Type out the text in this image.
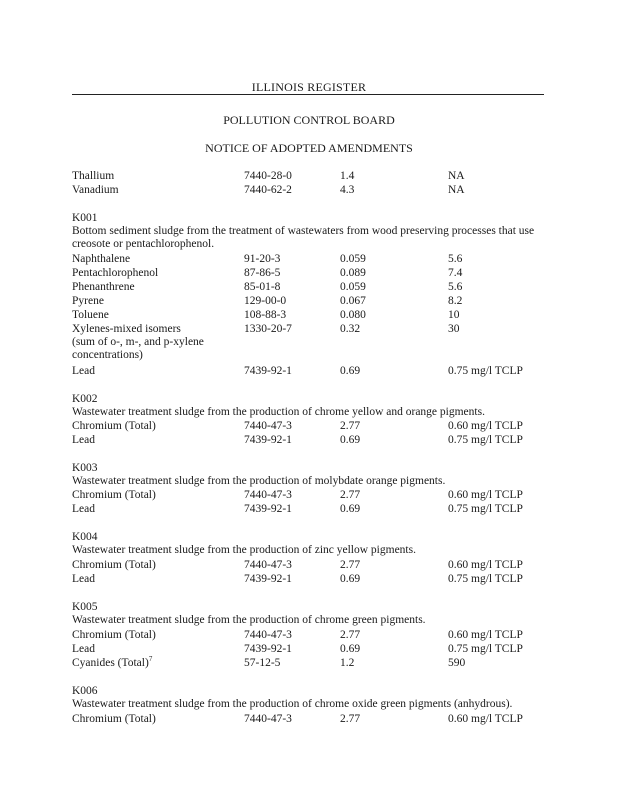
ILLINOIS REGISTER
POLLUTION CONTROL BOARD
NOTICE OF ADOPTED AMENDMENTS
Thallium	7440-28-0	1.4	NA
Vanadium	7440-62-2	4.3	NA
K001
Bottom sediment sludge from the treatment of wastewaters from wood preserving processes that use creosote or pentachlorophenol.
Naphthalene	91-20-3	0.059	5.6
Pentachlorophenol	87-86-5	0.089	7.4
Phenanthrene	85-01-8	0.059	5.6
Pyrene	129-00-0	0.067	8.2
Toluene	108-88-3	0.080	10
Xylenes-mixed isomers	1330-20-7	0.32	30
(sum of o-, m-, and p-xylene concentrations)
Lead	7439-92-1	0.69	0.75 mg/l TCLP
K002
Wastewater treatment sludge from the production of chrome yellow and orange pigments.
Chromium (Total)	7440-47-3	2.77	0.60 mg/l TCLP
Lead	7439-92-1	0.69	0.75 mg/l TCLP
K003
Wastewater treatment sludge from the production of molybdate orange pigments.
Chromium (Total)	7440-47-3	2.77	0.60 mg/l TCLP
Lead	7439-92-1	0.69	0.75 mg/l TCLP
K004
Wastewater treatment sludge from the production of zinc yellow pigments.
Chromium (Total)	7440-47-3	2.77	0.60 mg/l TCLP
Lead	7439-92-1	0.69	0.75 mg/l TCLP
K005
Wastewater treatment sludge from the production of chrome green pigments.
Chromium (Total)	7440-47-3	2.77	0.60 mg/l TCLP
Lead	7439-92-1	0.69	0.75 mg/l TCLP
Cyanides (Total)$^7$	57-12-5	1.2	590
K006
Wastewater treatment sludge from the production of chrome oxide green pigments (anhydrous).
Chromium (Total)	7440-47-3	2.77	0.60 mg/l TCLP
